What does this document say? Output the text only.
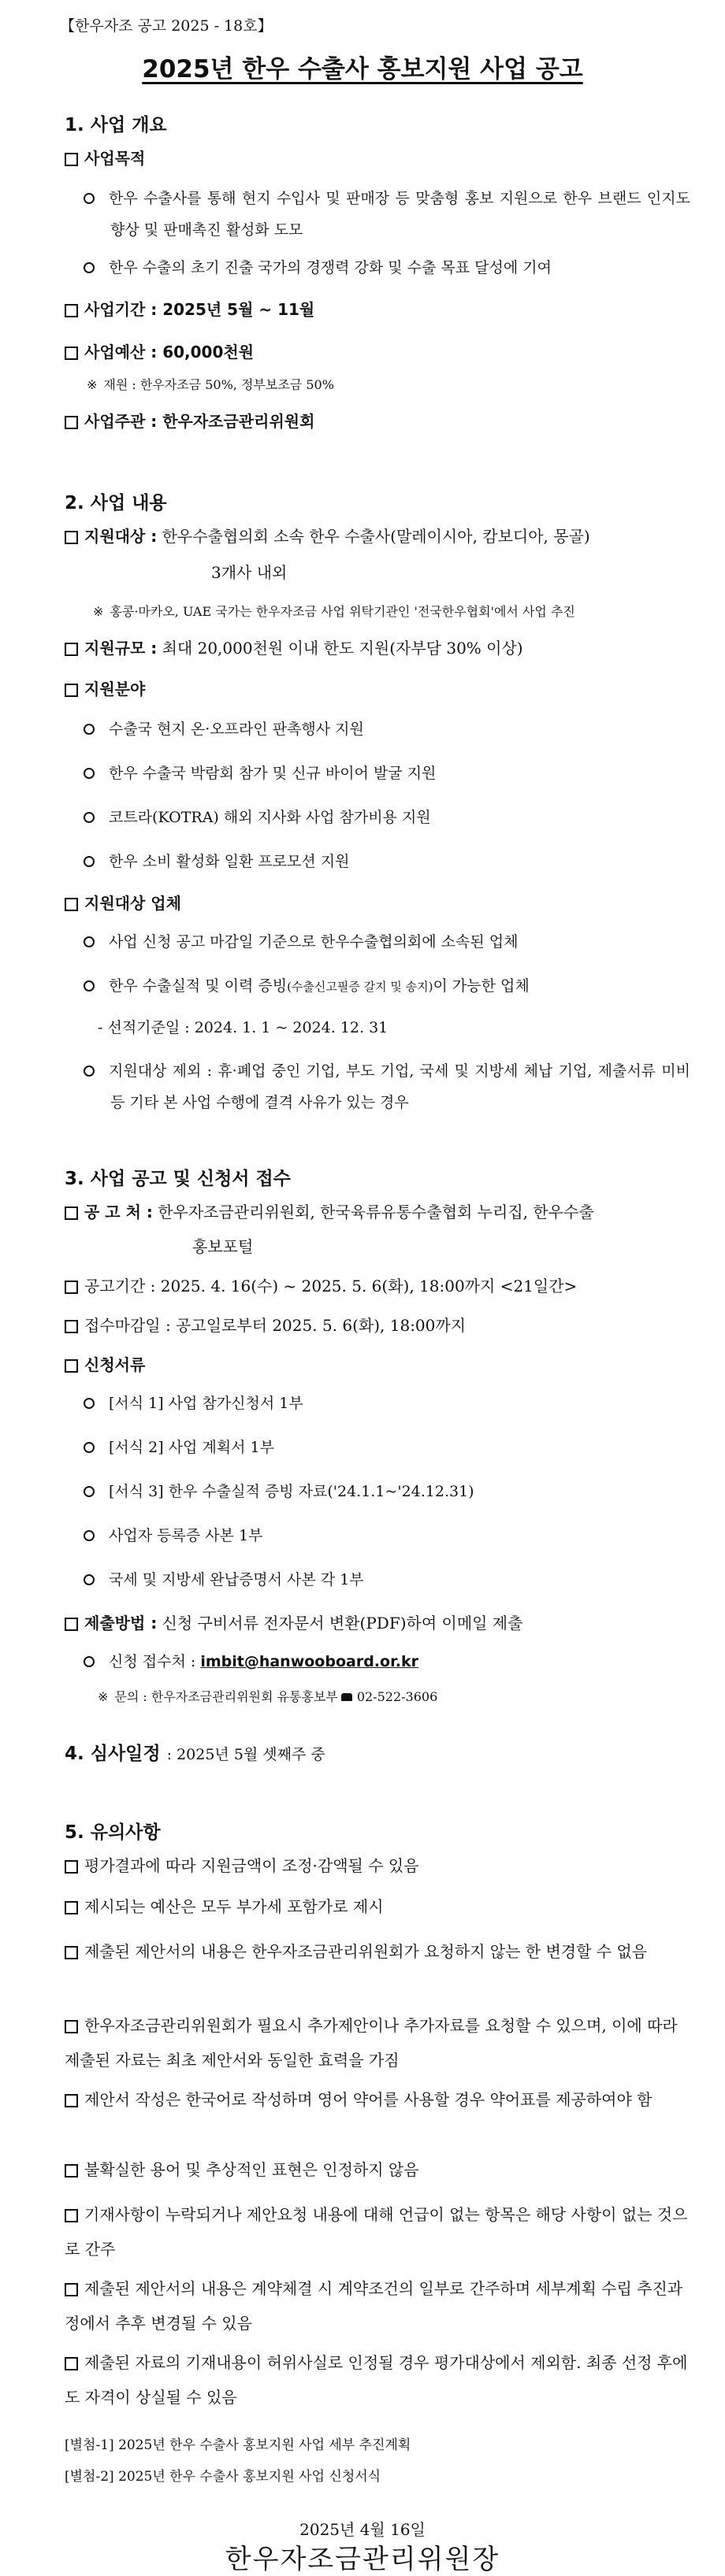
【한우자조 공고 2025 - 18호】
2025년 한우 수출사 홍보지원 사업 공고
1. 사업 개요
사업목적
한우 수출사를 통해 현지 수입사 및 판매장 등 맞춤형 홍보 지원으로 한우 브랜드 인지도 향상 및 판매촉진 활성화 도모
한우 수출의 초기 진출 국가의 경쟁력 강화 및 수출 목표 달성에 기여
사업기간 : 2025년 5월 ~ 11월
사업예산 : 60,000천원
※ 재원 : 한우자조금 50%, 정부보조금 50%
사업주관 : 한우자조금관리위원회
2. 사업 내용
지원대상 : 한우수출협의회 소속 한우 수출사(말레이시아, 캄보디아, 몽골)
3개사 내외
※ 홍콩·마카오, UAE 국가는 한우자조금 사업 위탁기관인 '전국한우협회'에서 사업 추진
지원규모 : 최대 20,000천원 이내 한도 지원(자부담 30% 이상)
지원분야
수출국 현지 온·오프라인 판촉행사 지원
한우 수출국 박람회 참가 및 신규 바이어 발굴 지원
코트라(KOTRA) 해외 지사화 사업 참가비용 지원
한우 소비 활성화 일환 프로모션 지원
지원대상 업체
사업 신청 공고 마감일 기준으로 한우수출협의회에 소속된 업체
한우 수출실적 및 이력 증빙(수출신고필증 갈지 및 송지)이 가능한 업체
- 선적기준일 : 2024. 1. 1 ~ 2024. 12. 31
지원대상 제외 : 휴·폐업 중인 기업, 부도 기업, 국세 및 지방세 체납 기업, 제출서류 미비 등 기타 본 사업 수행에 결격 사유가 있는 경우
3. 사업 공고 및 신청서 접수
공 고 처 : 한우자조금관리위원회, 한국육류유통수출협회 누리집, 한우수출
홍보포털
공고기간 : 2025. 4. 16(수) ~ 2025. 5. 6(화), 18:00까지 <21일간>
접수마감일 : 공고일로부터 2025. 5. 6(화), 18:00까지
신청서류
[서식 1] 사업 참가신청서 1부
[서식 2] 사업 계획서 1부
[서식 3] 한우 수출실적 증빙 자료('24.1.1~'24.12.31)
사업자 등록증 사본 1부
국세 및 지방세 완납증명서 사본 각 1부
제출방법 : 신청 구비서류 전자문서 변환(PDF)하여 이메일 제출
신청 접수처 : imbit@hanwooboard.or.kr
※ 문의 : 한우자조금관리위원회 유통홍보부 02-522-3606
4. 심사일정 : 2025년 5월 셋째주 중
5. 유의사항
평가결과에 따라 지원금액이 조정·감액될 수 있음
제시되는 예산은 모두 부가세 포함가로 제시
제출된 제안서의 내용은 한우자조금관리위원회가 요청하지 않는 한 변경할 수 없음
한우자조금관리위원회가 필요시 추가제안이나 추가자료를 요청할 수 있으며, 이에 따라 제출된 자료는 최초 제안서와 동일한 효력을 가짐
제안서 작성은 한국어로 작성하며 영어 약어를 사용할 경우 약어표를 제공하여야 함
불확실한 용어 및 추상적인 표현은 인정하지 않음
기재사항이 누락되거나 제안요청 내용에 대해 언급이 없는 항목은 해당 사항이 없는 것으로 간주
제출된 제안서의 내용은 계약체결 시 계약조건의 일부로 간주하며 세부계획 수립 추진과정에서 추후 변경될 수 있음
제출된 자료의 기재내용이 허위사실로 인정될 경우 평가대상에서 제외함. 최종 선정 후에도 자격이 상실될 수 있음
[별첨-1] 2025년 한우 수출사 홍보지원 사업 세부 추진계획
[별첨-2] 2025년 한우 수출사 홍보지원 사업 신청서식
2025년 4월 16일
한우자조금관리위원장
